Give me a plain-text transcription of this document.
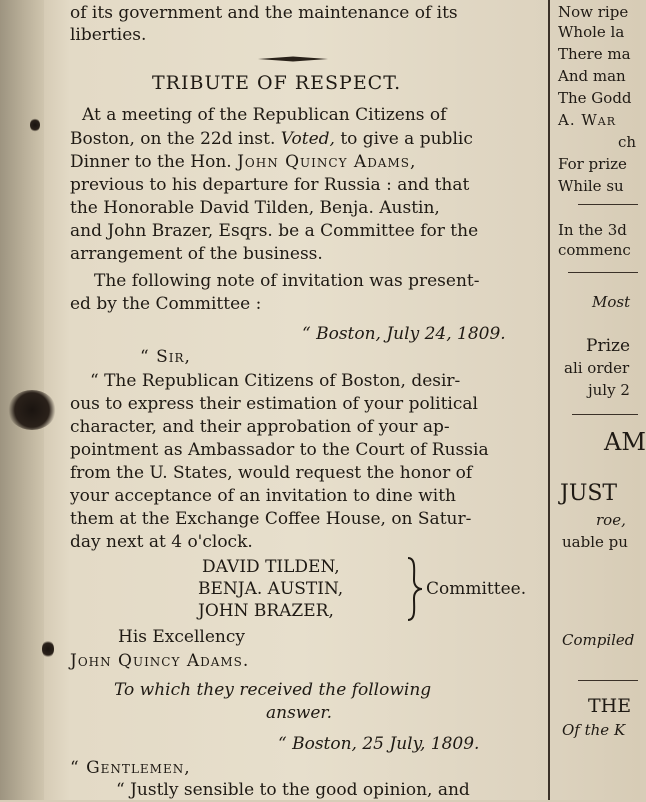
of its government and the maintenance of its
liberties.
TRIBUTE OF RESPECT.
At a meeting of the Republican Citizens of
Boston, on the 22d inst. Voted, to give a public
Dinner to the Hon. John Quincy Adams,
previous to his departure for Russia : and that
the Honorable David Tilden, Benja. Austin,
and John Brazer, Esqrs. be a Committee for the
arrangement of the business.
The following note of invitation was present-
ed by the Committee :
“ Boston, July 24, 1809.
“ Sir,
“ The Republican Citizens of Boston, desir-
ous to express their estimation of your political
character, and their approbation of your ap-
pointment as Ambassador to the Court of Russia
from the U. States, would request the honor of
your acceptance of an invitation to dine with
them at the Exchange Coffee House, on Satur-
day next at 4 o'clock.
DAVID TILDEN,
BENJA. AUSTIN,
JOHN BRAZER,
Committee.
His Excellency
John Quincy Adams.
To which they received the following
answer.
“ Boston, 25 July, 1809.
“ Gentlemen,
“ Justly sensible to the good opinion, and
Now ripe
Whole la
There ma
And man
The Godd
A. War
ch
For prize
While su
In the 3d
commenc
Most
Prize
ali order
july 2
AM
JUST
roe,
uable pu
Compiled
THE
Of the K
